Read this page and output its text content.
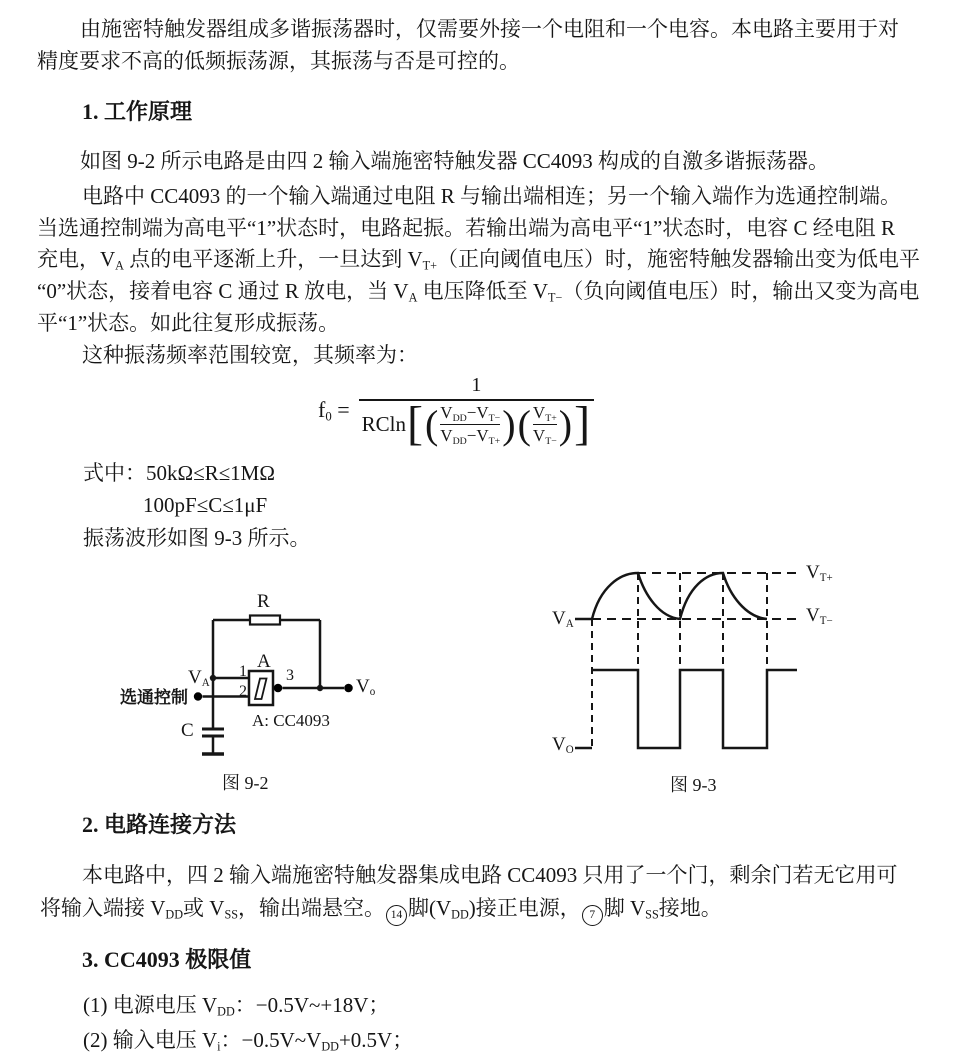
由施密特触发器组成多谐振荡器时，仅需要外接一个电阻和一个电容。本电路主要用于对
精度要求不高的低频振荡源，其振荡与否是可控的。
1. 工作原理
如图 9-2 所示电路是由四 2 输入端施密特触发器 CC4093 构成的自激多谐振荡器。
电路中 CC4093 的一个输入端通过电阻 R 与输出端相连；另一个输入端作为选通控制端。
当选通控制端为高电平“1”状态时，电路起振。若输出端为高电平“1”状态时，电容 C 经电阻 R
充电，$V_A$ 点的电平逐渐上升，一旦达到 $V_{T+}$（正向阈值电压）时，施密特触发器输出变为低电平
“0”状态，接着电容 C 通过 R 放电，当 $V_A$ 电压降低至 $V_{T-}$（负向阈值电压）时，输出又变为高电
平“1”状态。如此往复形成振荡。
这种振荡频率范围较宽，其频率为：
$f_0$ =
1
RCln [ ( $V_{DD}-V_{T-}$
$V_{DD}-V_{T+}$ ) ( $V_{T+}$
$V_{T-}$ ) ]
式中：50kΩ≤R≤1MΩ
100pF≤C≤1μF
振荡波形如图 9-3 所示。
R
$V_A$
A
1
2
3
$V_o$
A: CC4093
C
选通控制
图 9-2
$V_A$
$V_{T+}$
$V_{T-}$
$V_O$
图 9-3
2. 电路连接方法
本电路中，四 2 输入端施密特触发器集成电路 CC4093 只用了一个门，剩余门若无它用可
将输入端接 $V_{DD}$或 $V_{SS}$，输出端悬空。 14 脚$(V_{DD})$接正电源， 7 脚 $V_{SS}$接地。
3. CC4093 极限值
(1) 电源电压 $V_{DD}$：−0.5V~+18V；
(2) 输入电压 $V_i$：$-0.5V\sim V_{DD}+0.5V$；
